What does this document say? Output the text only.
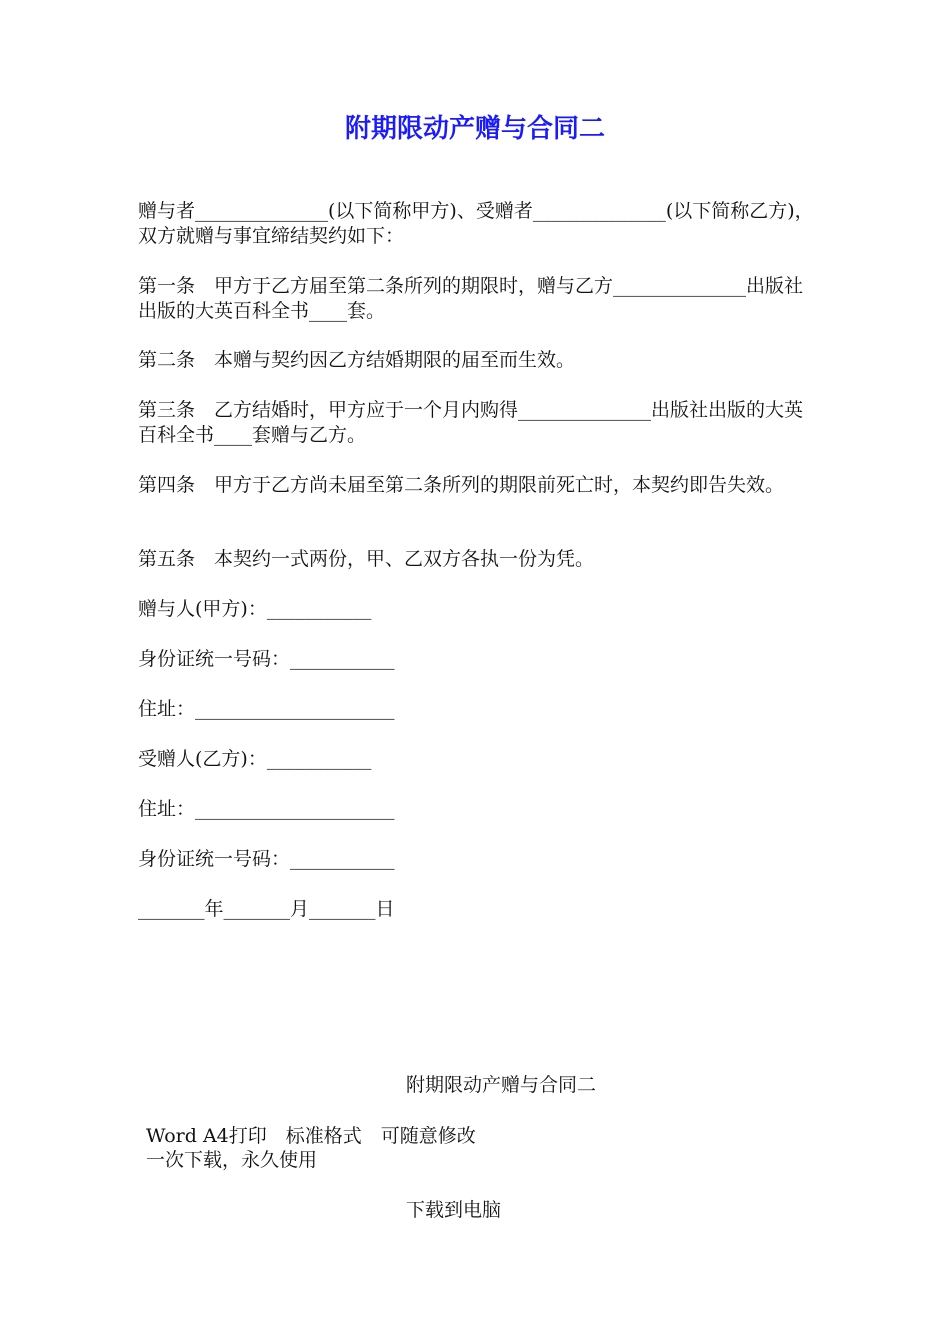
附期限动产赠与合同二
赠与者______________(以下简称甲方)、受赠者______________(以下简称乙方)，双方就赠与事宜缔结契约如下：
第一条　甲方于乙方届至第二条所列的期限时，赠与乙方______________出版社出版的大英百科全书____套。
第二条　本赠与契约因乙方结婚期限的届至而生效。
第三条　乙方结婚时，甲方应于一个月内购得______________出版社出版的大英百科全书____套赠与乙方。
第四条　甲方于乙方尚未届至第二条所列的期限前死亡时，本契约即告失效。
第五条　本契约一式两份，甲、乙双方各执一份为凭。
赠与人(甲方)：___________
身份证统一号码：___________
住址：_____________________
受赠人(乙方)：___________
住址：_____________________
身份证统一号码：___________
_______年_______月_______日
附期限动产赠与合同二
Word A4打印　标准格式　可随意修改
一次下载，永久使用
下载到电脑
